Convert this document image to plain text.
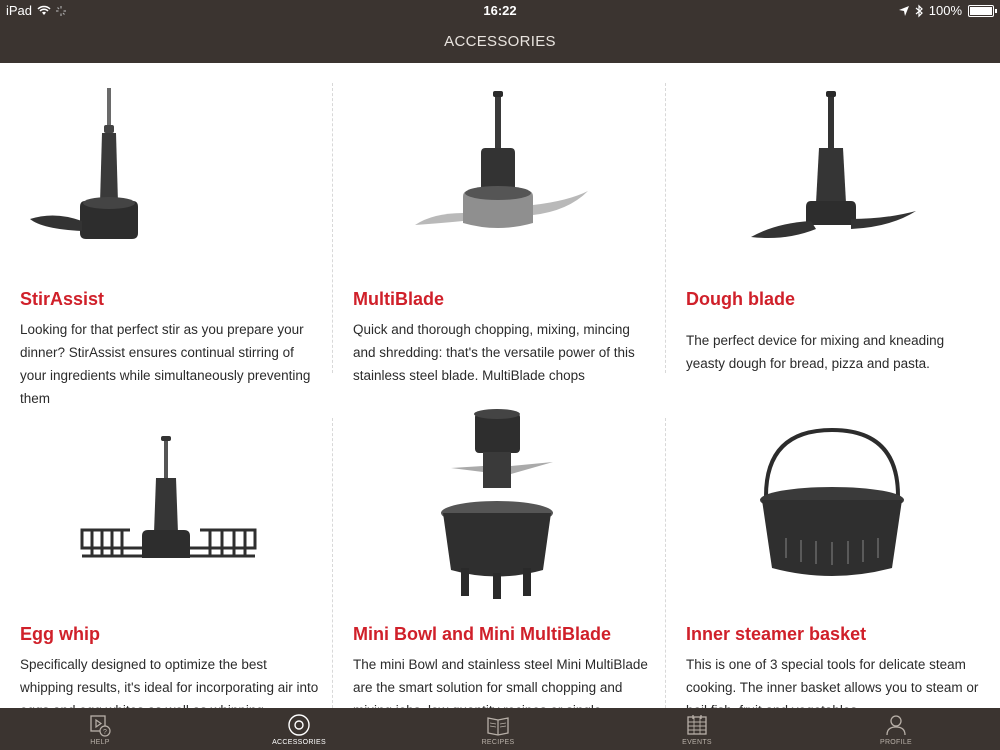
iPad	16:22	100%
ACCESSORIES
StirAssist
Looking for that perfect stir as you prepare your dinner? StirAssist ensures continual stirring of your ingredients while simultaneously preventing them
MultiBlade
Quick and thorough chopping, mixing, mincing and shredding: that's the versatile power of this stainless steel blade. MultiBlade chops
Dough blade
The perfect device for mixing and kneading yeasty dough for bread, pizza and pasta.
Egg whip
Specifically designed to optimize the best whipping results, it's ideal for incorporating air into
Mini Bowl and Mini MultiBlade
The mini Bowl and stainless steel Mini MultiBlade are the smart solution for small chopping and
Inner steamer basket
This is one of 3 special tools for delicate steam cooking. The inner basket allows you to steam or
?
HELP	ACCESSORIES	RECIPES	EVENTS	PROFILE
